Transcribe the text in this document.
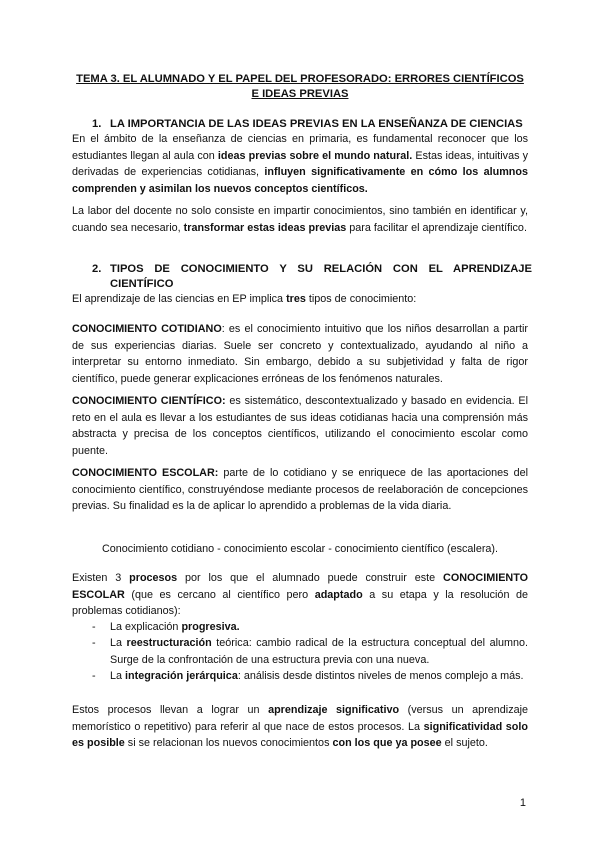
TEMA 3. EL ALUMNADO Y EL PAPEL DEL PROFESORADO: ERRORES CIENTÍFICOS
E IDEAS PREVIAS
1. LA IMPORTANCIA DE LAS IDEAS PREVIAS EN LA ENSEÑANZA DE CIENCIAS
En el ámbito de la enseñanza de ciencias en primaria, es fundamental reconocer que los estudiantes llegan al aula con ideas previas sobre el mundo natural. Estas ideas, intuitivas y derivadas de experiencias cotidianas, influyen significativamente en cómo los alumnos comprenden y asimilan los nuevos conceptos científicos.
La labor del docente no solo consiste en impartir conocimientos, sino también en identificar y, cuando sea necesario, transformar estas ideas previas para facilitar el aprendizaje científico.
2. TIPOS DE CONOCIMIENTO Y SU RELACIÓN CON EL APRENDIZAJE CIENTÍFICO
El aprendizaje de las ciencias en EP implica tres tipos de conocimiento:
CONOCIMIENTO COTIDIANO: es el conocimiento intuitivo que los niños desarrollan a partir de sus experiencias diarias. Suele ser concreto y contextualizado, ayudando al niño a interpretar su entorno inmediato. Sin embargo, debido a su subjetividad y falta de rigor científico, puede generar explicaciones erróneas de los fenómenos naturales.
CONOCIMIENTO CIENTÍFICO: es sistemático, descontextualizado y basado en evidencia. El reto en el aula es llevar a los estudiantes de sus ideas cotidianas hacia una comprensión más abstracta y precisa de los conceptos científicos, utilizando el conocimiento escolar como puente.
CONOCIMIENTO ESCOLAR: parte de lo cotidiano y se enriquece de las aportaciones del conocimiento científico, construyéndose mediante procesos de reelaboración de concepciones previas. Su finalidad es la de aplicar lo aprendido a problemas de la vida diaria.
Conocimiento cotidiano - conocimiento escolar - conocimiento científico (escalera).
Existen 3 procesos por los que el alumnado puede construir este CONOCIMIENTO ESCOLAR (que es cercano al científico pero adaptado a su etapa y la resolución de problemas cotidianos):
- La explicación progresiva.
- La reestructuración teórica: cambio radical de la estructura conceptual del alumno. Surge de la confrontación de una estructura previa con una nueva.
- La integración jerárquica: análisis desde distintos niveles de menos complejo a más.
Estos procesos llevan a lograr un aprendizaje significativo (versus un aprendizaje memorístico o repetitivo) para referir al que nace de estos procesos. La significatividad solo es posible si se relacionan los nuevos conocimientos con los que ya posee el sujeto.
1
